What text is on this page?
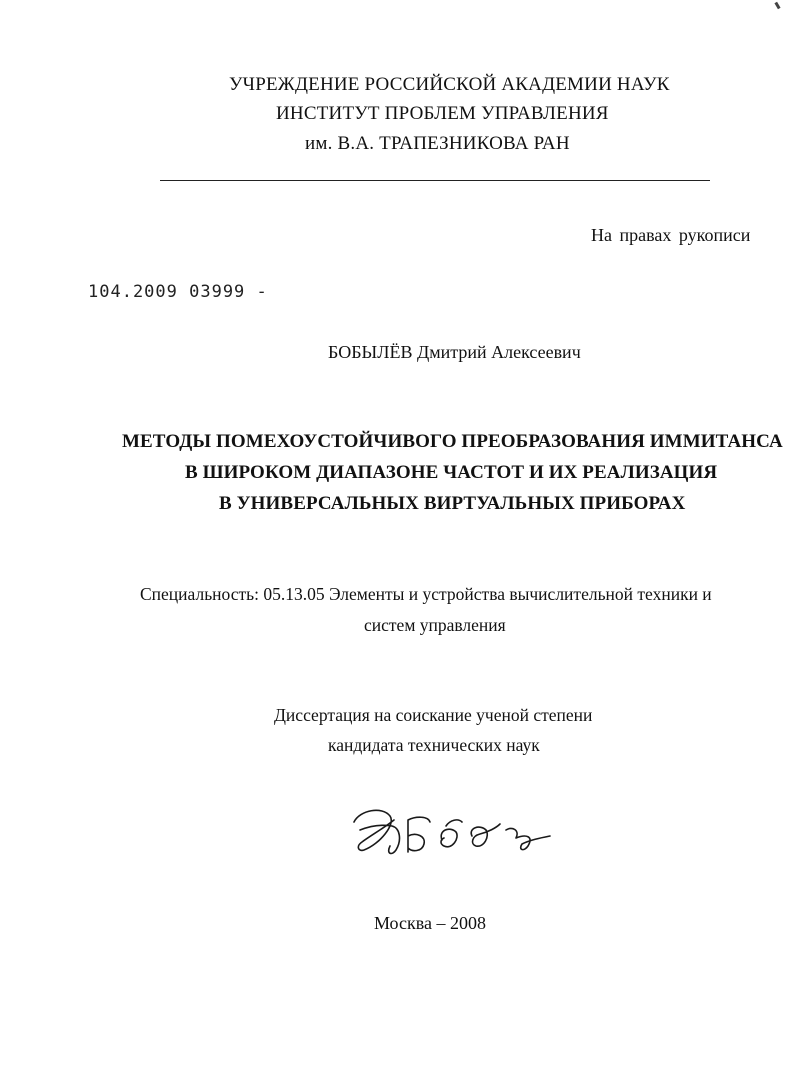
УЧРЕЖДЕНИЕ РОССИЙСКОЙ АКАДЕМИИ НАУК
ИНСТИТУТ ПРОБЛЕМ УПРАВЛЕНИЯ
им. В.А. ТРАПЕЗНИКОВА РАН
На правах рукописи
104.2009 03999 -
БОБЫЛЁВ Дмитрий Алексеевич
МЕТОДЫ ПОМЕХОУСТОЙЧИВОГО ПРЕОБРАЗОВАНИЯ ИММИТАНСА
В ШИРОКОМ ДИАПАЗОНЕ ЧАСТОТ И ИХ РЕАЛИЗАЦИЯ
В УНИВЕРСАЛЬНЫХ ВИРТУАЛЬНЫХ ПРИБОРАХ
Специальность: 05.13.05 Элементы и устройства вычислительной техники и
систем управления
Диссертация на соискание ученой степени
кандидата технических наук
Москва – 2008
